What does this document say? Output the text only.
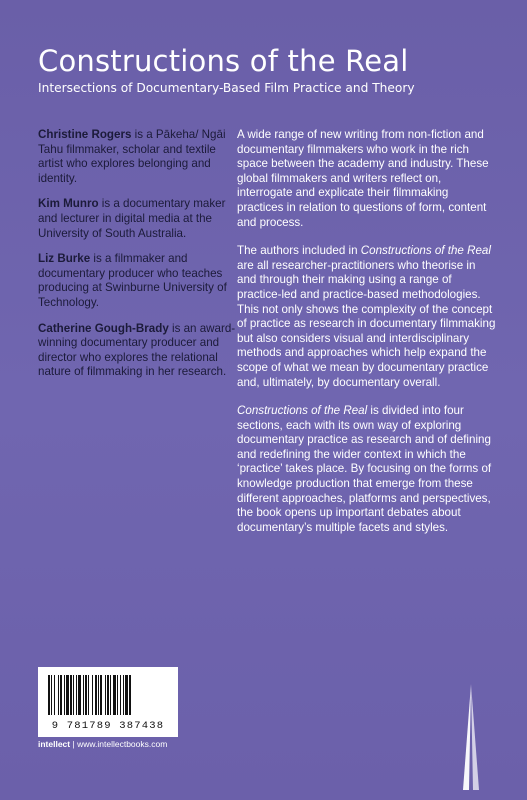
Constructions of the Real
Intersections of Documentary-Based Film Practice and Theory

Christine Rogers is a Pākeha/ Ngāi Tahu filmmaker, scholar and textile artist who explores belonging and identity.

Kim Munro is a documentary maker and lecturer in digital media at the University of South Australia.

Liz Burke is a filmmaker and documentary producer who teaches producing at Swinburne University of Technology.

Catherine Gough-Brady is an award-winning documentary producer and director who explores the relational nature of filmmaking in her research.

A wide range of new writing from non-fiction and documentary filmmakers who work in the rich space between the academy and industry. These global filmmakers and writers reflect on, interrogate and explicate their filmmaking practices in relation to questions of form, content and process.

The authors included in Constructions of the Real are all researcher-practitioners who theorise in and through their making using a range of practice-led and practice-based methodologies. This not only shows the complexity of the concept of practice as research in documentary filmmaking but also considers visual and interdisciplinary methods and approaches which help expand the scope of what we mean by documentary practice and, ultimately, by documentary overall.

Constructions of the Real is divided into four sections, each with its own way of exploring documentary practice as research and of defining and redefining the wider context in which the ‘practice’ takes place. By focusing on the forms of knowledge production that emerge from these different approaches, platforms and perspectives, the book opens up important debates about documentary’s multiple facets and styles.

9 781789 387438
intellect | www.intellectbooks.com
